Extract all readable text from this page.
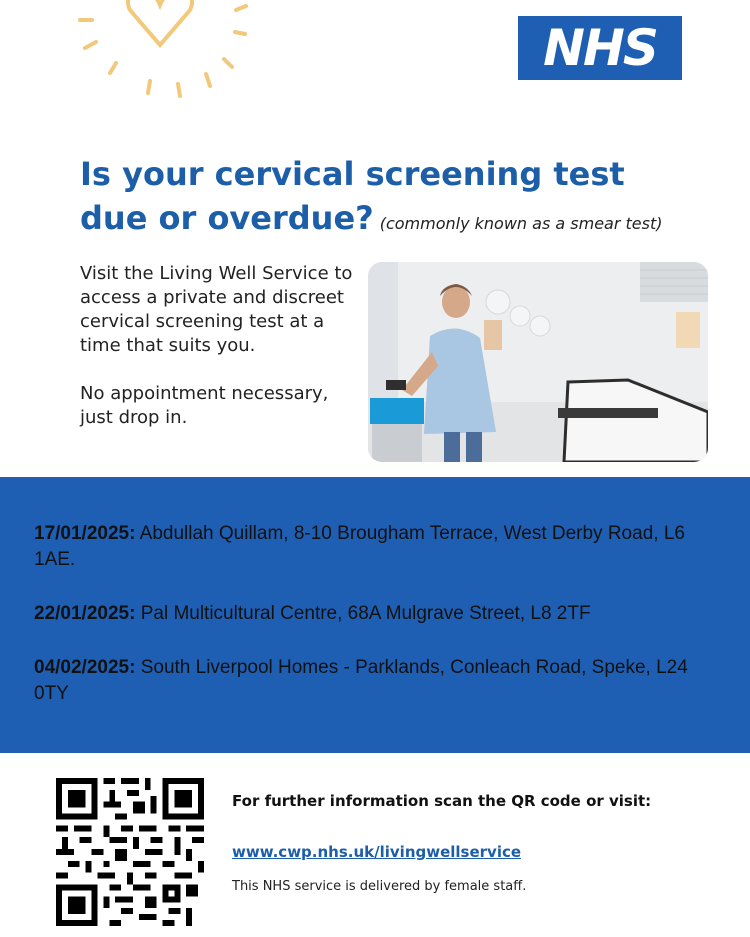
NHS
Is your cervical screening test
due or overdue? (commonly known as a smear test)

Visit the Living Well Service to access a private and discreet cervical screening test at a time that suits you.

No appointment necessary, just drop in.

17/01/2025: Abdullah Quillam, 8-10 Brougham Terrace, West Derby Road, L6 1AE.
22/01/2025: Pal Multicultural Centre, 68A Mulgrave Street, L8 2TF
04/02/2025: South Liverpool Homes - Parklands, Conleach Road, Speke, L24 0TY
For further information scan the QR code or visit:
www.cwp.nhs.uk/livingwellservice
This NHS service is delivered by female staff.
